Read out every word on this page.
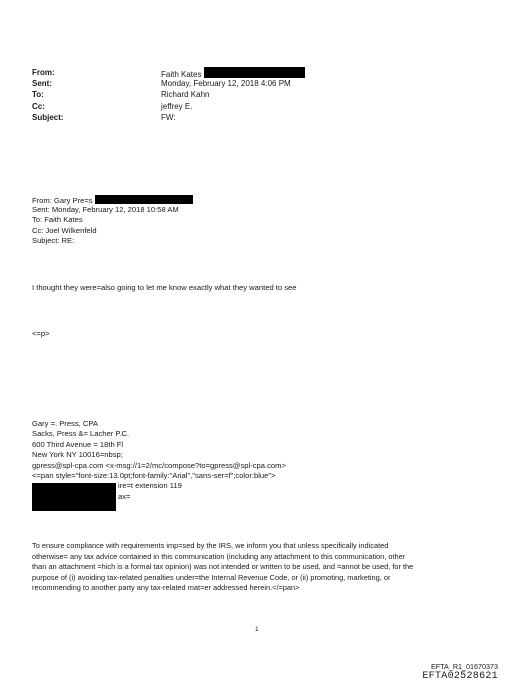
From:	Faith Kates
Sent:	Monday, February 12, 2018 4:06 PM
To:	Richard Kahn
Cc:	jeffrey E.
Subject:	FW:
From: Gary Pre=s
Sent: Monday, February 12, 2018 10:58 AM
To: Faith Kates
Cc: Joel Wilkenfeld
Subject: RE:
I thought they were=also going to let me know exactly what they wanted to see
<=p>
Gary =. Press, CPA
Sacks, Press &= Lacher P.C.
600 Third Avenue = 18th Fl
New York NY 10016=nbsp;
gpress@spl-cpa.com <x-msg://1=2/mc/compose?to=gpress@spl-cpa.com>
<=pan style="font-size:13.0pt;font-family:"Arial","sans-ser=f";color:blue">
ire=t extension 119
ax=
To ensure compliance with requirements imp=sed by the IRS, we inform you that unless specifically indicated
otherwise= any tax advice contained in this communication (including any attachment to this communication, other
than an attachment =hich is a formal tax opinion) was not intended or written to be used, and =annot be used, for the
purpose of (i) avoiding tax-related penalties under=the Internal Revenue Code, or (ii) promoting, marketing, or
recommending to another party any tax-related mat=er addressed herein.</=pan>
1
EFTA_R1_01670373
EFTA02528621
